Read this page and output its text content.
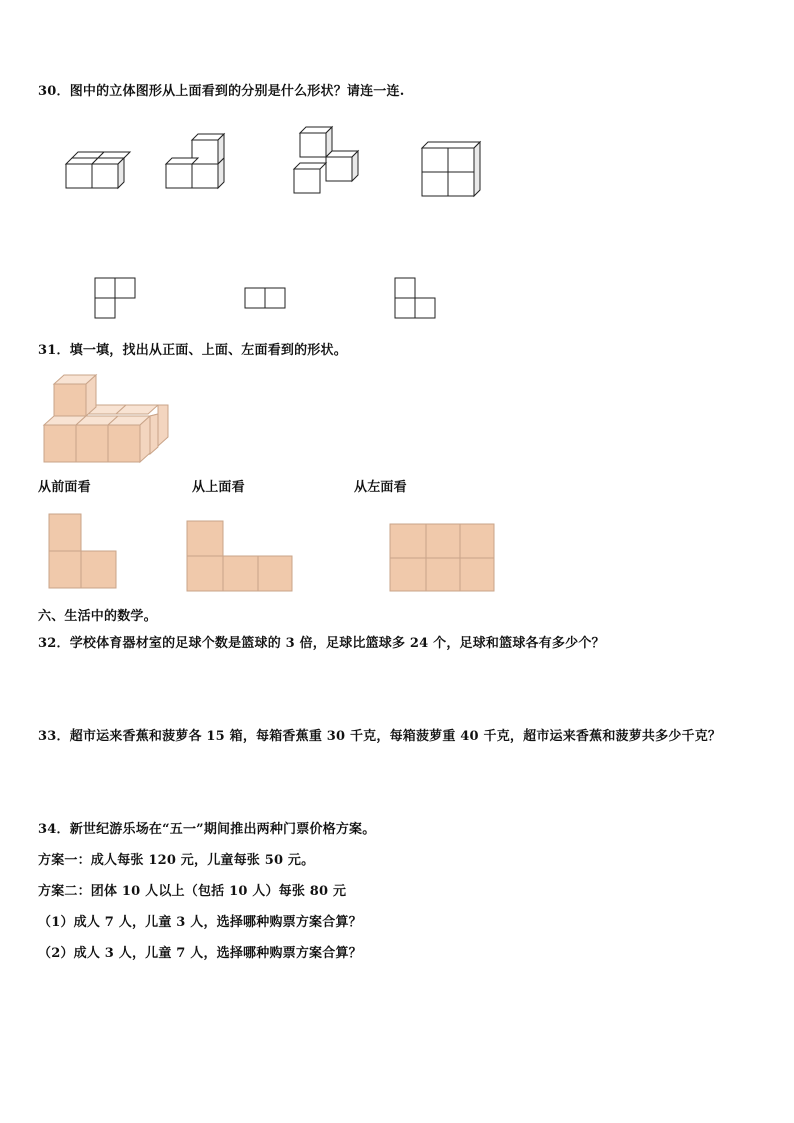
30．图中的立体图形从上面看到的分别是什么形状？请连一连.
31．填一填，找出从正面、上面、左面看到的形状。
从前面看	从上面看	从左面看
六、生活中的数学。
32．学校体育器材室的足球个数是篮球的 3 倍，足球比篮球多 24 个，足球和篮球各有多少个？
33．超市运来香蕉和菠萝各 15 箱，每箱香蕉重 30 千克，每箱菠萝重 40 千克，超市运来香蕉和菠萝共多少千克？
34．新世纪游乐场在“五一”期间推出两种门票价格方案。
方案一：成人每张 120 元，儿童每张 50 元。
方案二：团体 10 人以上（包括 10 人）每张 80 元
（1）成人 7 人，儿童 3 人，选择哪种购票方案合算？
（2）成人 3 人，儿童 7 人，选择哪种购票方案合算？
